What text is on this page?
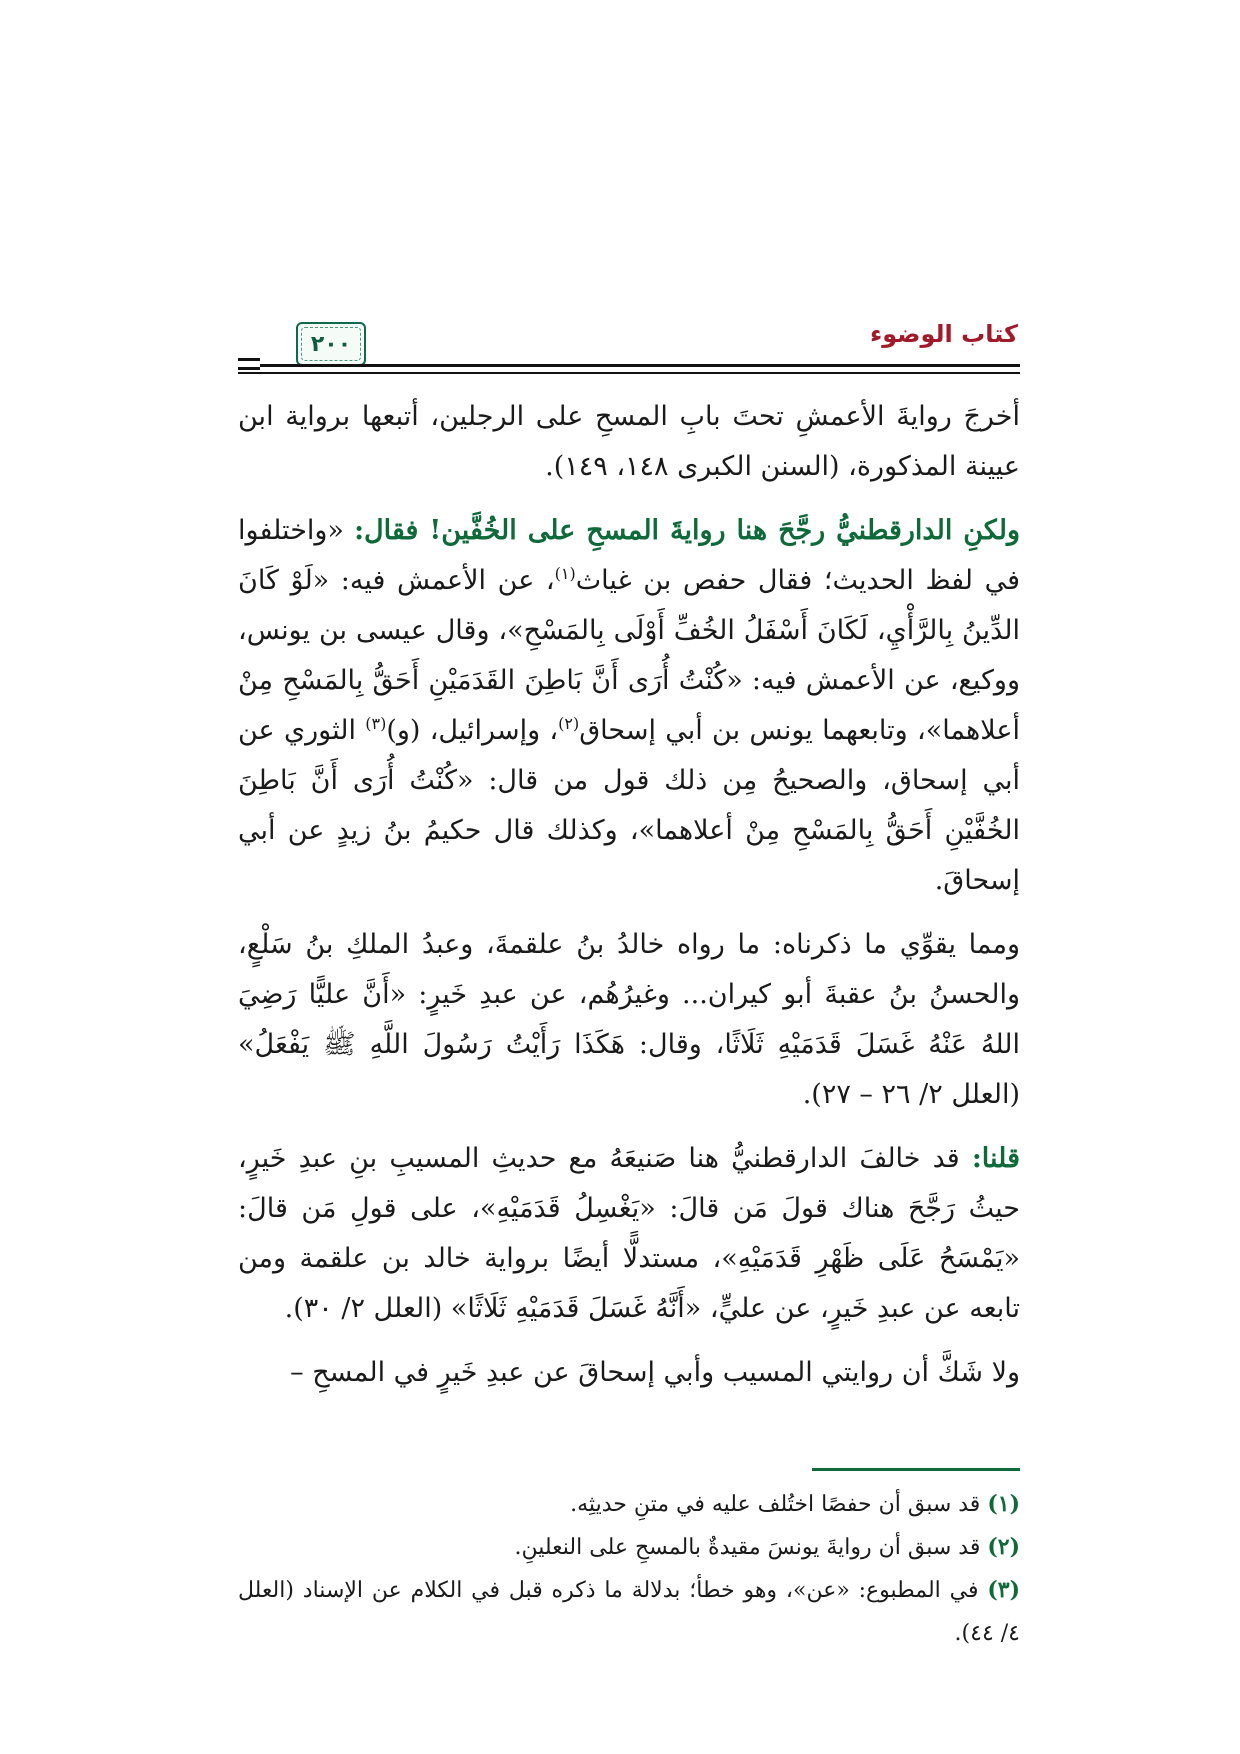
كتاب الوضوء
٢٠٠

أخرجَ روايةَ الأعمشِ تحتَ بابِ المسحِ على الرجلين، أتبعها برواية ابن عيينة المذكورة، (السنن الكبرى ١٤٨، ١٤٩).

ولكنِ الدارقطنيُّ رجَّحَ هنا روايةَ المسحِ على الخُفَّين! فقال: «واختلفوا في لفظ الحديث؛ فقال حفص بن غياث$^{(١)}$، عن الأعمش فيه: «لَوْ كَانَ الدِّينُ بِالرَّأْيِ، لَكَانَ أَسْفَلُ الخُفِّ أَوْلَى بِالمَسْحِ»، وقال عيسى بن يونس، ووكيع، عن الأعمش فيه: «كُنْتُ أُرَى أَنَّ بَاطِنَ القَدَمَيْنِ أَحَقُّ بِالمَسْحِ مِنْ أعلاهما»، وتابعهما يونس بن أبي إسحاق$^{(٢)}$، وإسرائيل، (و)$^{(٣)}$ الثوري عن أبي إسحاق، والصحيحُ مِن ذلك قول من قال: «كُنْتُ أُرَى أَنَّ بَاطِنَ الخُفَّيْنِ أَحَقُّ بِالمَسْحِ مِنْ أعلاهما»، وكذلك قال حكيمُ بنُ زيدٍ عن أبي إسحاقَ.

ومما يقوِّي ما ذكرناه: ما رواه خالدُ بنُ علقمةَ، وعبدُ الملكِ بنُ سَلْعٍ، والحسنُ بنُ عقبةَ أبو كيران... وغيرُهُم، عن عبدِ خَيرٍ: «أَنَّ عليًّا رَضِيَ اللهُ عَنْهُ غَسَلَ قَدَمَيْهِ ثَلَاثًا، وقال: هَكَذَا رَأَيْتُ رَسُولَ اللَّهِ ﷺ يَفْعَلُ» (العلل ٢/ ٢٦ – ٢٧).

قلنا: قد خالفَ الدارقطنيُّ هنا صَنيعَهُ مع حديثِ المسيبِ بنِ عبدِ خَيرٍ، حيثُ رَجَّحَ هناك قولَ مَن قالَ: «يَغْسِلُ قَدَمَيْهِ»، على قولِ مَن قالَ: «يَمْسَحُ عَلَى ظَهْرِ قَدَمَيْهِ»، مستدلًّا أيضًا برواية خالد بن علقمة ومن تابعه عن عبدِ خَيرٍ، عن عليٍّ، «أَنَّهُ غَسَلَ قَدَمَيْهِ ثَلَاثًا» (العلل ٢/ ٣٠).

ولا شَكَّ أن روايتي المسيب وأبي إسحاقَ عن عبدِ خَيرٍ في المسحِ –

(١) قد سبق أن حفصًا اختُلف عليه في متنِ حديثِه.

(٢) قد سبق أن روايةَ يونسَ مقيدةٌ بالمسحِ على النعلينِ.

(٣) في المطبوع: «عن»، وهو خطأ؛ بدلالة ما ذكره قبل في الكلام عن الإسناد (العلل ٤/ ٤٤).
